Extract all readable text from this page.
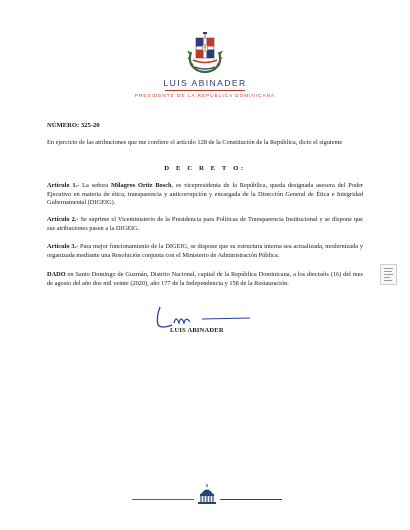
LUIS ABINADER
PRESIDENTE DE LA REPÚBLICA DOMINICANA
NÚMERO: 325-20
En ejercicio de las atribuciones que me confiere el artículo 128 de la Constitución de la República, dicto el siguiente
D E C R E T O:
Artículo 1.- La señora Milagros Ortiz Bosch, es vicepresidenta de la República, queda designada asesora del Poder Ejecutivo en materia de ética, transparencia y anticorrupción y encargada de la Dirección General de Ética e Integridad Gubernamental (DIGEIG).
Artículo 2.- Se suprime el Viceministerio de la Presidencia para Políticas de Transparencia Institucional y se dispone que sus atribuciones pasen a la DIGEIG.
Artículo 3.- Para mejor funcionamiento de la DIGEIG, se dispone que su estructura interna sea actualizada, modernizada y organizada mediante una Resolución conjunta con el Ministerio de Administración Pública.
DADO en Santo Domingo de Guzmán, Distrito Nacional, capital de la República Dominicana, a los dieciséis (16) del mes de agosto del año dos mil veinte (2020), año 177 de la Independencia y 158 de la Restauración.
LUIS ABINADER
